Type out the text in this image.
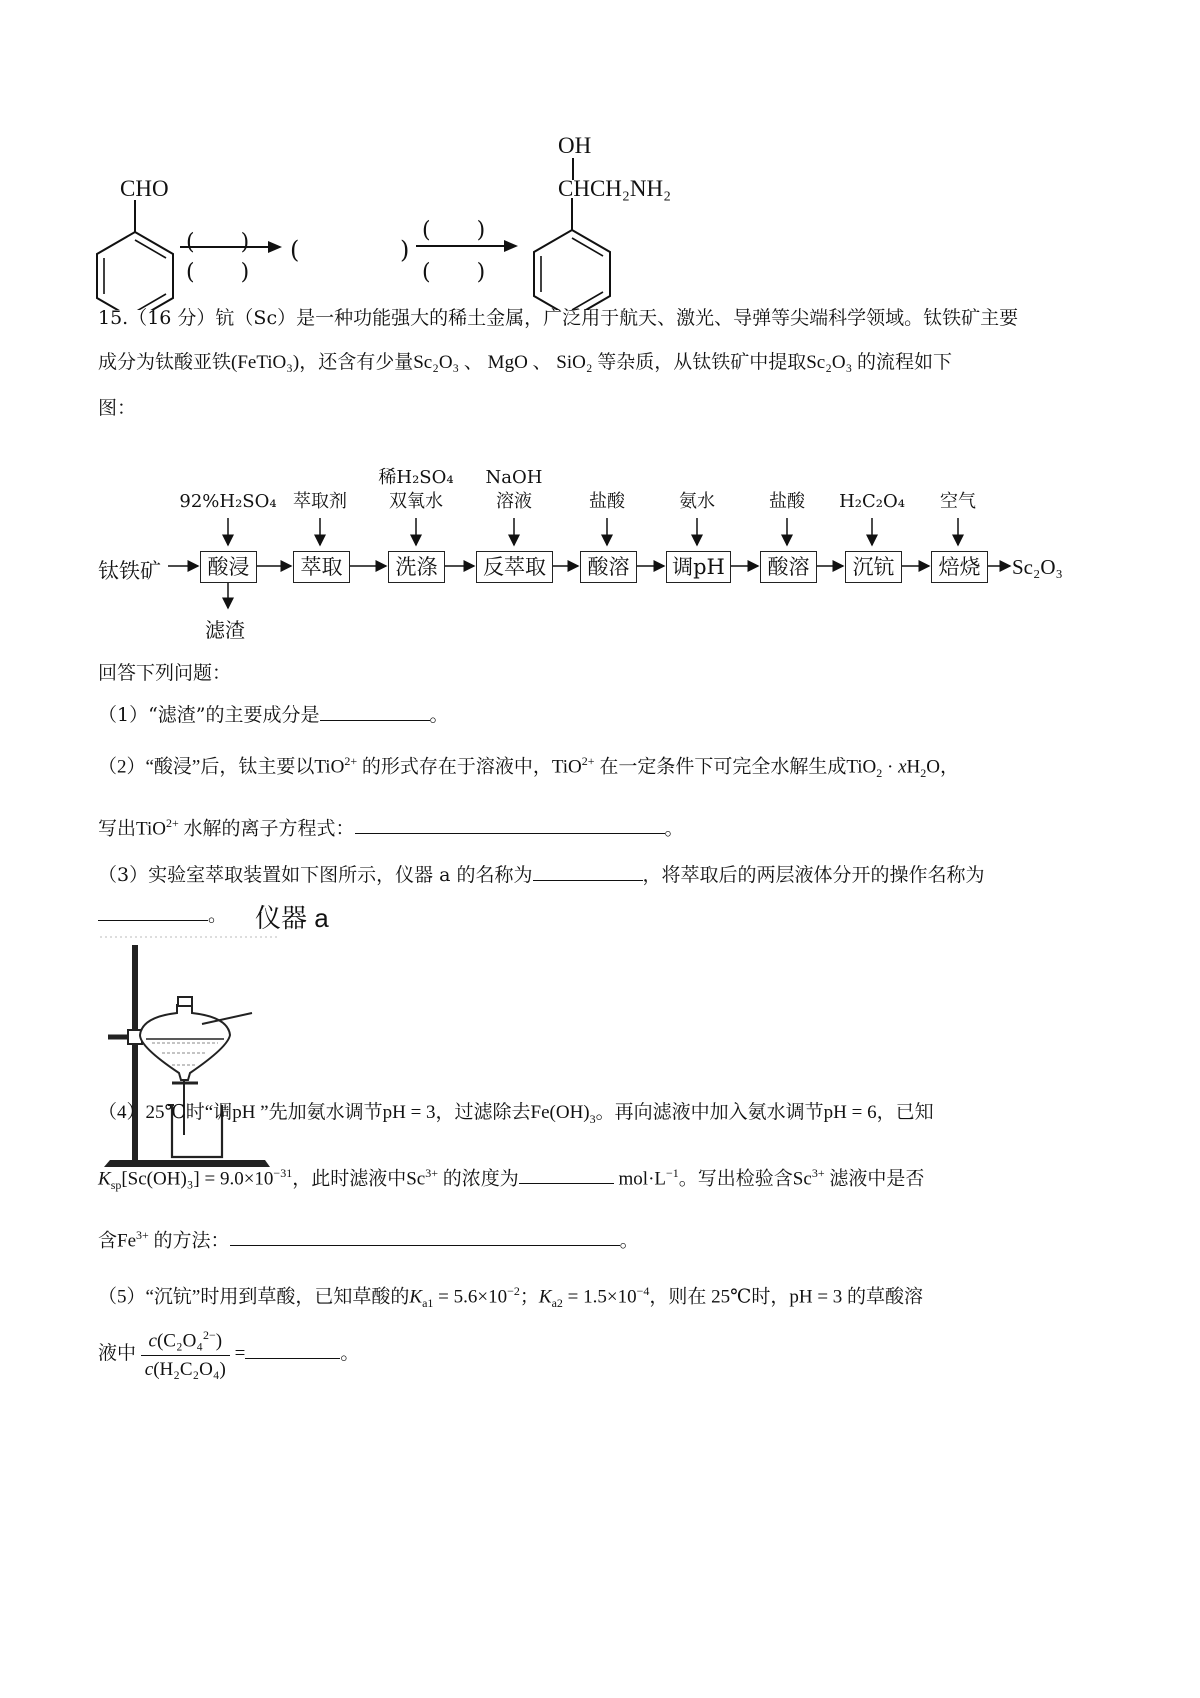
CHO
( )
( )
(	)
( )
( )
OH
CHCH₂NH₂
15.（16 分）钪（Sc）是一种功能强大的稀土金属，广泛用于航天、激光、导弹等尖端科学领域。钛铁矿主要
成分为钛酸亚铁(FeTiO₃)，还含有少量Sc₂O₃ 、 MgO 、 SiO₂ 等杂质，从钛铁矿中提取Sc₂O₃ 的流程如下
图：
钛铁矿
92%H₂SO₄ 萃取剂
稀H₂SO₄
双氧水
NaOH
溶液	盐酸	氨水	盐酸	H₂C₂O₄	空气
酸浸	萃取	洗涤	反萃取	酸溶	调pH	酸溶	沉钪	焙烧	Sc₂O₃
滤渣
回答下列问题：
（1）“滤渣”的主要成分是	。
（2）“酸浸”后，钛主要以TiO$^{2+}$ 的形式存在于溶液中，TiO$^{2+}$ 在一定条件下可完全水解生成$TiO_2 \cdot xH_2O$，
写出TiO$^{2+}$ 水解的离子方程式：	。
（3）实验室萃取装置如下图所示，仪器 a 的名称为	，将萃取后的两层液体分开的操作名称为
。 仪器 a
（4）25℃时“调pH ”先加氨水调节pH = 3，过滤除去$Fe(OH)_3$。再向滤液中加入氨水调节pH = 6，已知
$K_{sp}[Sc(OH)_3] = 9.0\times 10^{-31}$，此时滤液中$Sc^{3+}$ 的浓度为	$mol\cdot L^{-1}$。写出检验含$Sc^{3+}$ 滤液中是否
含$Fe^{3+}$ 的方法：	。
（5）“沉钪”时用到草酸，已知草酸的$K_{a1} = 5.6\times 10^{-2}$；$K_{a2} = 1.5\times 10^{-4}$，则在 25℃时，pH = 3 的草酸溶
液中 $\frac{c(C_2O_4^{2-})}{\text{c(H₂C₂O₄)}}$ =	。
